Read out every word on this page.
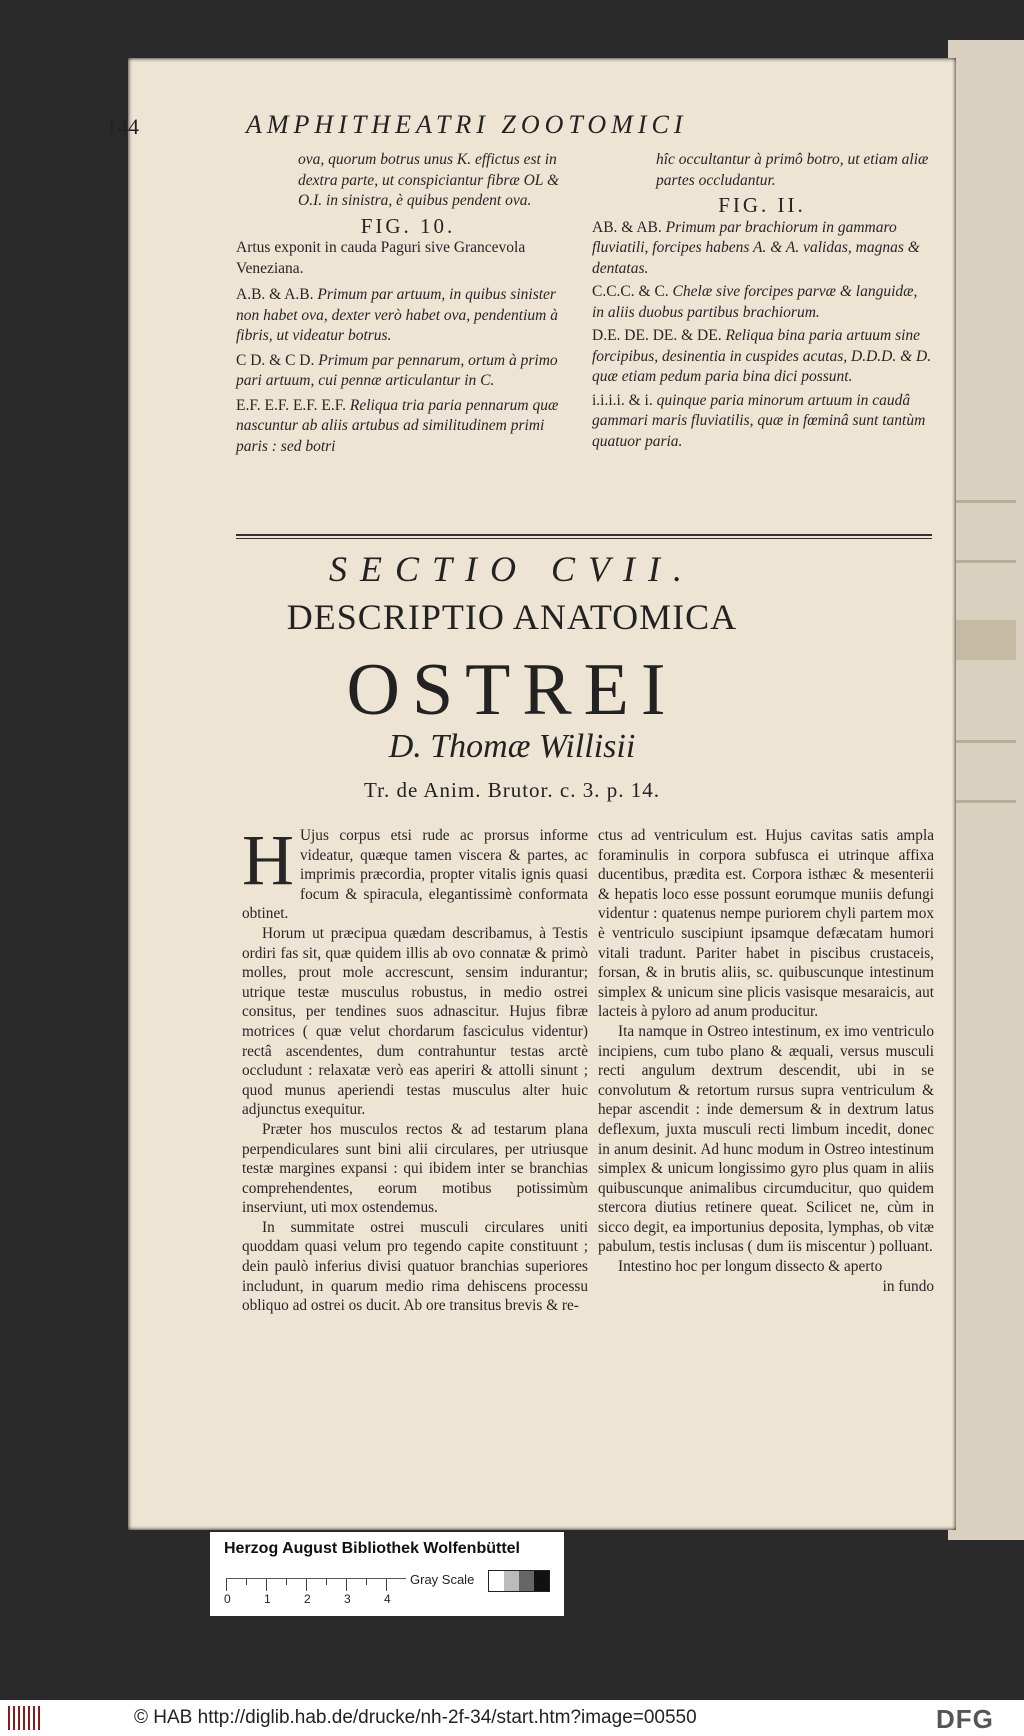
144	AMPHITHEATRI ZOOTOMICI

ova, quorum botrus unus K. effictus est in dextra parte, ut conspiciantur fibræ OL & O.I. in sinistra, è quibus pendent ova.

FIG. 10.

Artus exponit in cauda Paguri sive Grancevola Veneziana.

A.B. & A.B. Primum par artuum, in quibus sinister non habet ova, dexter verò habet ova, pendentium à fibris, ut videatur botrus.

C D. & C D. Primum par pennarum, ortum à primo pari artuum, cui pennæ articulantur in C.

E.F. E.F. E.F. E.F. Reliqua tria paria pennarum quæ nascuntur ab aliis artubus ad similitudinem primi paris : sed botri

hîc occultantur à primô botro, ut etiam aliæ partes occludantur.

FIG. II.

AB. & AB. Primum par brachiorum in gammaro fluviatili, forcipes habens A. & A. validas, magnas & dentatas.

C.C.C. & C. Chelæ sive forcipes parvæ & languidæ, in aliis duobus partibus brachiorum.

D.E. DE. DE. & DE. Reliqua bina paria artuum sine forcipibus, desinentia in cuspides acutas, D.D.D. & D. quæ etiam pedum paria bina dici possunt.

i.i.i.i. & i. quinque paria minorum artuum in caudâ gammari maris fluviatilis, quæ in fœminâ sunt tantùm quatuor paria.

SECTIO CVII.
DESCRIPTIO ANATOMICA
OSTREI
D. Thomæ Willisii
Tr. de Anim. Brutor. c. 3. p. 14.

H Ujus corpus etsi rude ac prorsus informe videatur, quæque tamen viscera & partes, ac imprimis præcordia, propter vitalis ignis quasi focum & spiracula, elegantissimè conformata obtinet.

Horum ut præcipua quædam describamus, à Testis ordiri fas sit, quæ quidem illis ab ovo connatæ & primò molles, prout mole accrescunt, sensim indurantur; utrique testæ musculus robustus, in medio ostrei consitus, per tendines suos adnascitur. Hujus fibræ motrices ( quæ velut chordarum fasciculus videntur) rectâ ascendentes, dum contrahuntur testas arctè occludunt : relaxatæ verò eas aperiri & attolli sinunt ; quod munus aperiendi testas musculus alter huic adjunctus exequitur.

Præter hos musculos rectos & ad testarum plana perpendiculares sunt bini alii circulares, per utriusque testæ margines expansi : qui ibidem inter se branchias comprehendentes, eorum motibus potissimùm inserviunt, uti mox ostendemus.

In summitate ostrei musculi circulares uniti quoddam quasi velum pro tegendo capite constituunt ; dein paulò inferius divisi quatuor branchias superiores includunt, in quarum medio rima dehiscens processu obliquo ad ostrei os ducit. Ab ore transitus brevis & re-

ctus ad ventriculum est. Hujus cavitas satis ampla foraminulis in corpora subfusca ei utrinque affixa ducentibus, prædita est. Corpora isthæc & mesenterii & hepatis loco esse possunt eorumque muniis defungi videntur : quatenus nempe puriorem chyli partem mox è ventriculo suscipiunt ipsamque defæcatam humori vitali tradunt. Pariter habet in piscibus crustaceis, forsan, & in brutis aliis, sc. quibuscunque intestinum simplex & unicum sine plicis vasisque mesaraicis, aut lacteis à pyloro ad anum producitur.

Ita namque in Ostreo intestinum, ex imo ventriculo incipiens, cum tubo plano & æquali, versus musculi recti angulum dextrum descendit, ubi in se convolutum & retortum rursus supra ventriculum & hepar ascendit : inde demersum & in dextrum latus deflexum, juxta musculi recti limbum incedit, donec in anum desinit. Ad hunc modum in Ostreo intestinum simplex & unicum longissimo gyro plus quam in aliis quibuscunque animalibus circumducitur, quo quidem stercora diutius retinere queat. Scilicet ne, cùm in sicco degit, ea importunius deposita, lymphas, ob vitæ pabulum, testis inclusas ( dum iis miscentur ) polluant.

Intestino hoc per longum dissecto & aperto

in fundo
Herzog August Bibliothek Wolfenbüttel
0	1	2	3	4
Gray Scale
© HAB http://diglib.hab.de/drucke/nh-2f-34/start.htm?image=00550	DFG
